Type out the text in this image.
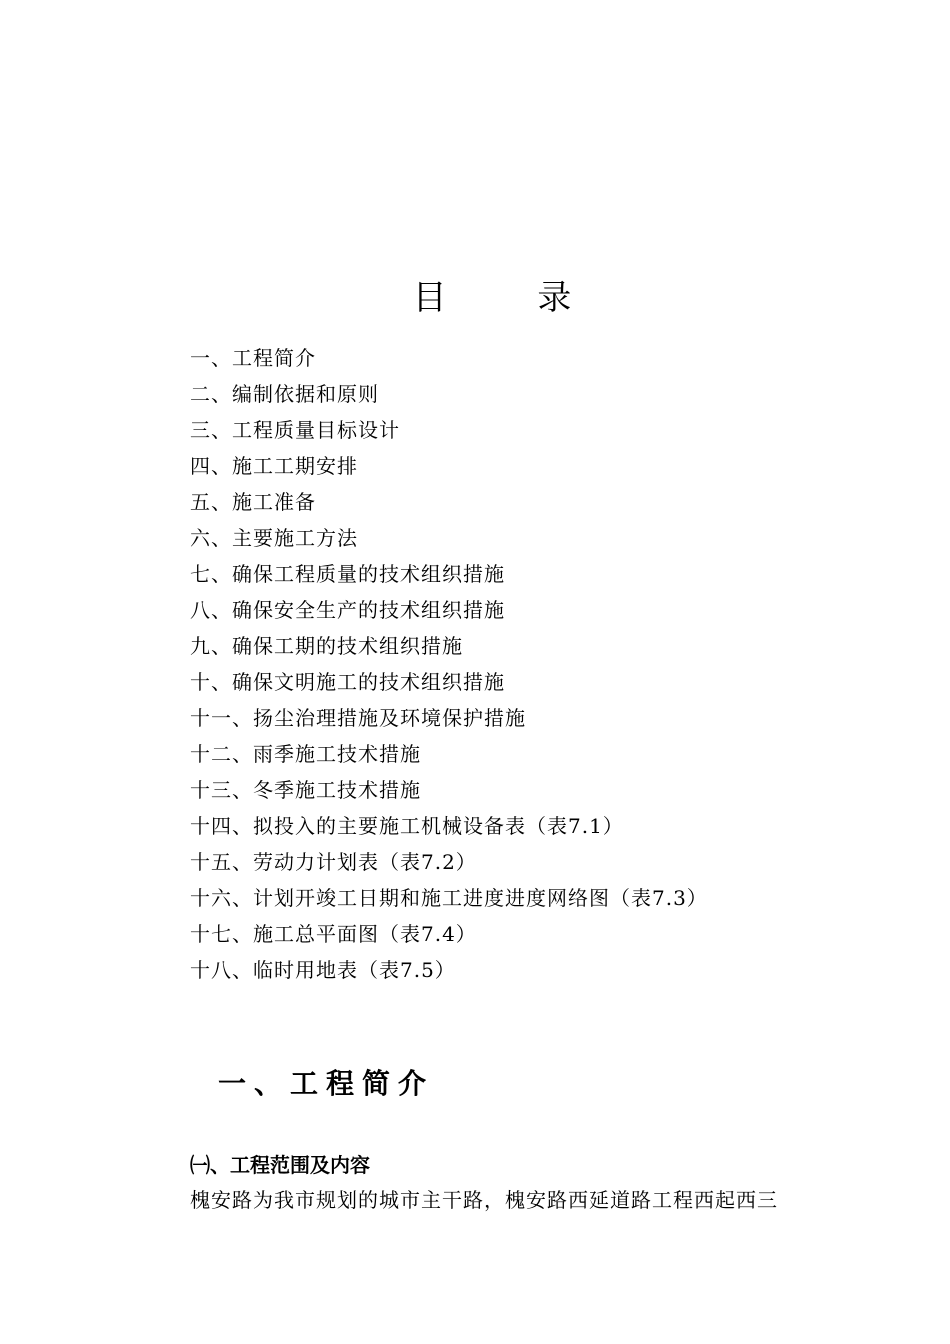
目 录
一、工程简介
二、编制依据和原则
三、工程质量目标设计
四、施工工期安排
五、施工准备
六、主要施工方法
七、确保工程质量的技术组织措施
八、确保安全生产的技术组织措施
九、确保工期的技术组织措施
十、确保文明施工的技术组织措施
十一、扬尘治理措施及环境保护措施
十二、雨季施工技术措施
十三、冬季施工技术措施
十四、拟投入的主要施工机械设备表（表7.1）
十五、劳动力计划表（表7.2）
十六、计划开竣工日期和施工进度进度网络图（表7.3）
十七、施工总平面图（表7.4）
十八、临时用地表（表7.5）
一、工程简介
㈠、工程范围及内容
槐安路为我市规划的城市主干路，槐安路西延道路工程西起西三
